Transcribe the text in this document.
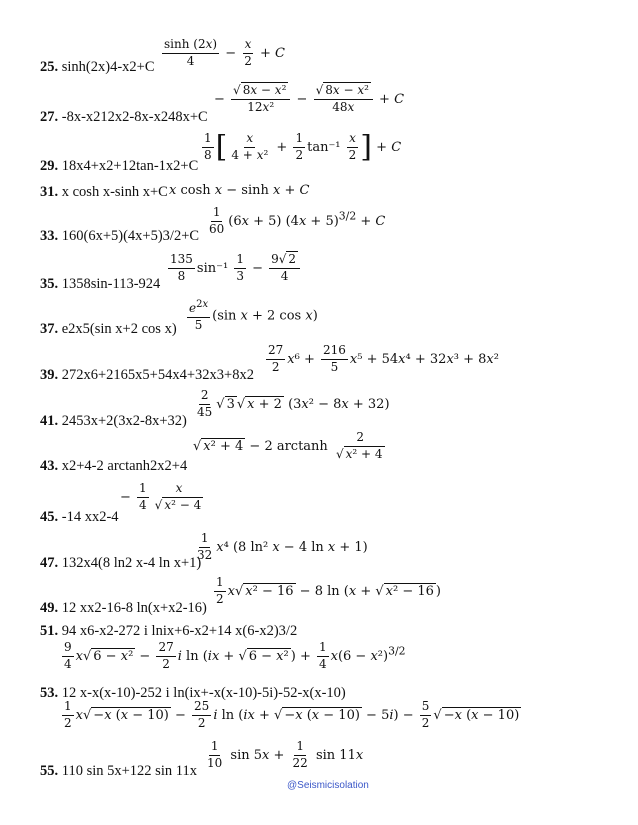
25. $\sinh(2x)4-x2+C \frac{\sinh (2x)}{4} - \frac{x}{2} + C$
27. -8x-x212x2-8x-x248x+C
− $\frac{\text{√ 8x − x²}}{\text{12x²}} - \frac{\text{√ 8x − x²}}{48x} + C$
29. 18x4+x2+12tan-1x2+C
$\frac{1}{8}$ [ $\frac{x}{\text{4 + x²}} + \frac{1}{2} \tan^{-1} \frac{x}{2}$ ] + C
31. x cosh x-sinh x+C x cosh x − sinh x + C
33. $160(6x+5)(4x+5)3/2+C \frac{1}{60} (6x + 5) (4x + 5)^{3/2} + C$
35. 1358sin-113-924
$\frac{135}{8} \sin^{-1} \frac{1}{3} - \frac{9√ 2}{4}$
37. e2x5(sin x+2 $\cos x) \frac{e^{2x}}{5} (\sin$ x + 2 cos x)
39. 272x6+2165x5+54x4+32x3+8x2
$\frac{27}{2} x^6 + \frac{216}{5} x^5 + 54x^4 + 32x^3 + 8x^2$
41. 2453x+2(3x2-8x+32)
$\frac{2}{45}$ √ 3 √ x + 2 (3x² − 8x + 32)
43. x2+4-2 arctanh2x2+4
√ x² + 4 − 2 arctanh $\frac{2}{\text{√ x² + 4}}$
45. -14 xx2-4
− $\frac{1}{4} \frac{x}{\text{√ x² − 4}}$
47. 132x4(8 ln2 x-4 ln x+1)
$\frac{1}{32} x^4$ (8 ln² x − 4 ln x + 1)
49. 12 xx2-16-8 ln(x+x2-16)
$\frac{1}{2} x√$ x² − 16 − 8 ln (x + √ x² − 16 )
51. 94 x6-x2-272 i lnix+6-x2+14 x(6-x2)3/2
$\frac{9}{4} x√$ $6 - x^2 - \frac{27}{2}$ i ln (ix + √ 6 − x² ) + $\frac{1}{4} x(6 - x^2)^{3/2}$
53. 12 x-x(x-10)-252 i ln(ix+-x(x-10)-5i)-52-x(x-10)
$\frac{1}{2} x√ -x$ $(x - 10) - \frac{25}{2}$ i ln (ix + √ −x $(x - 10) - 5i) - \frac{5}{2}$ √ −x (x − 10)
55. 110 sin 5x+122 sin 11x
$\frac{1}{10}$ $\sin 5x + \frac{1}{22}$ sin 11x
@Seismicisolation
